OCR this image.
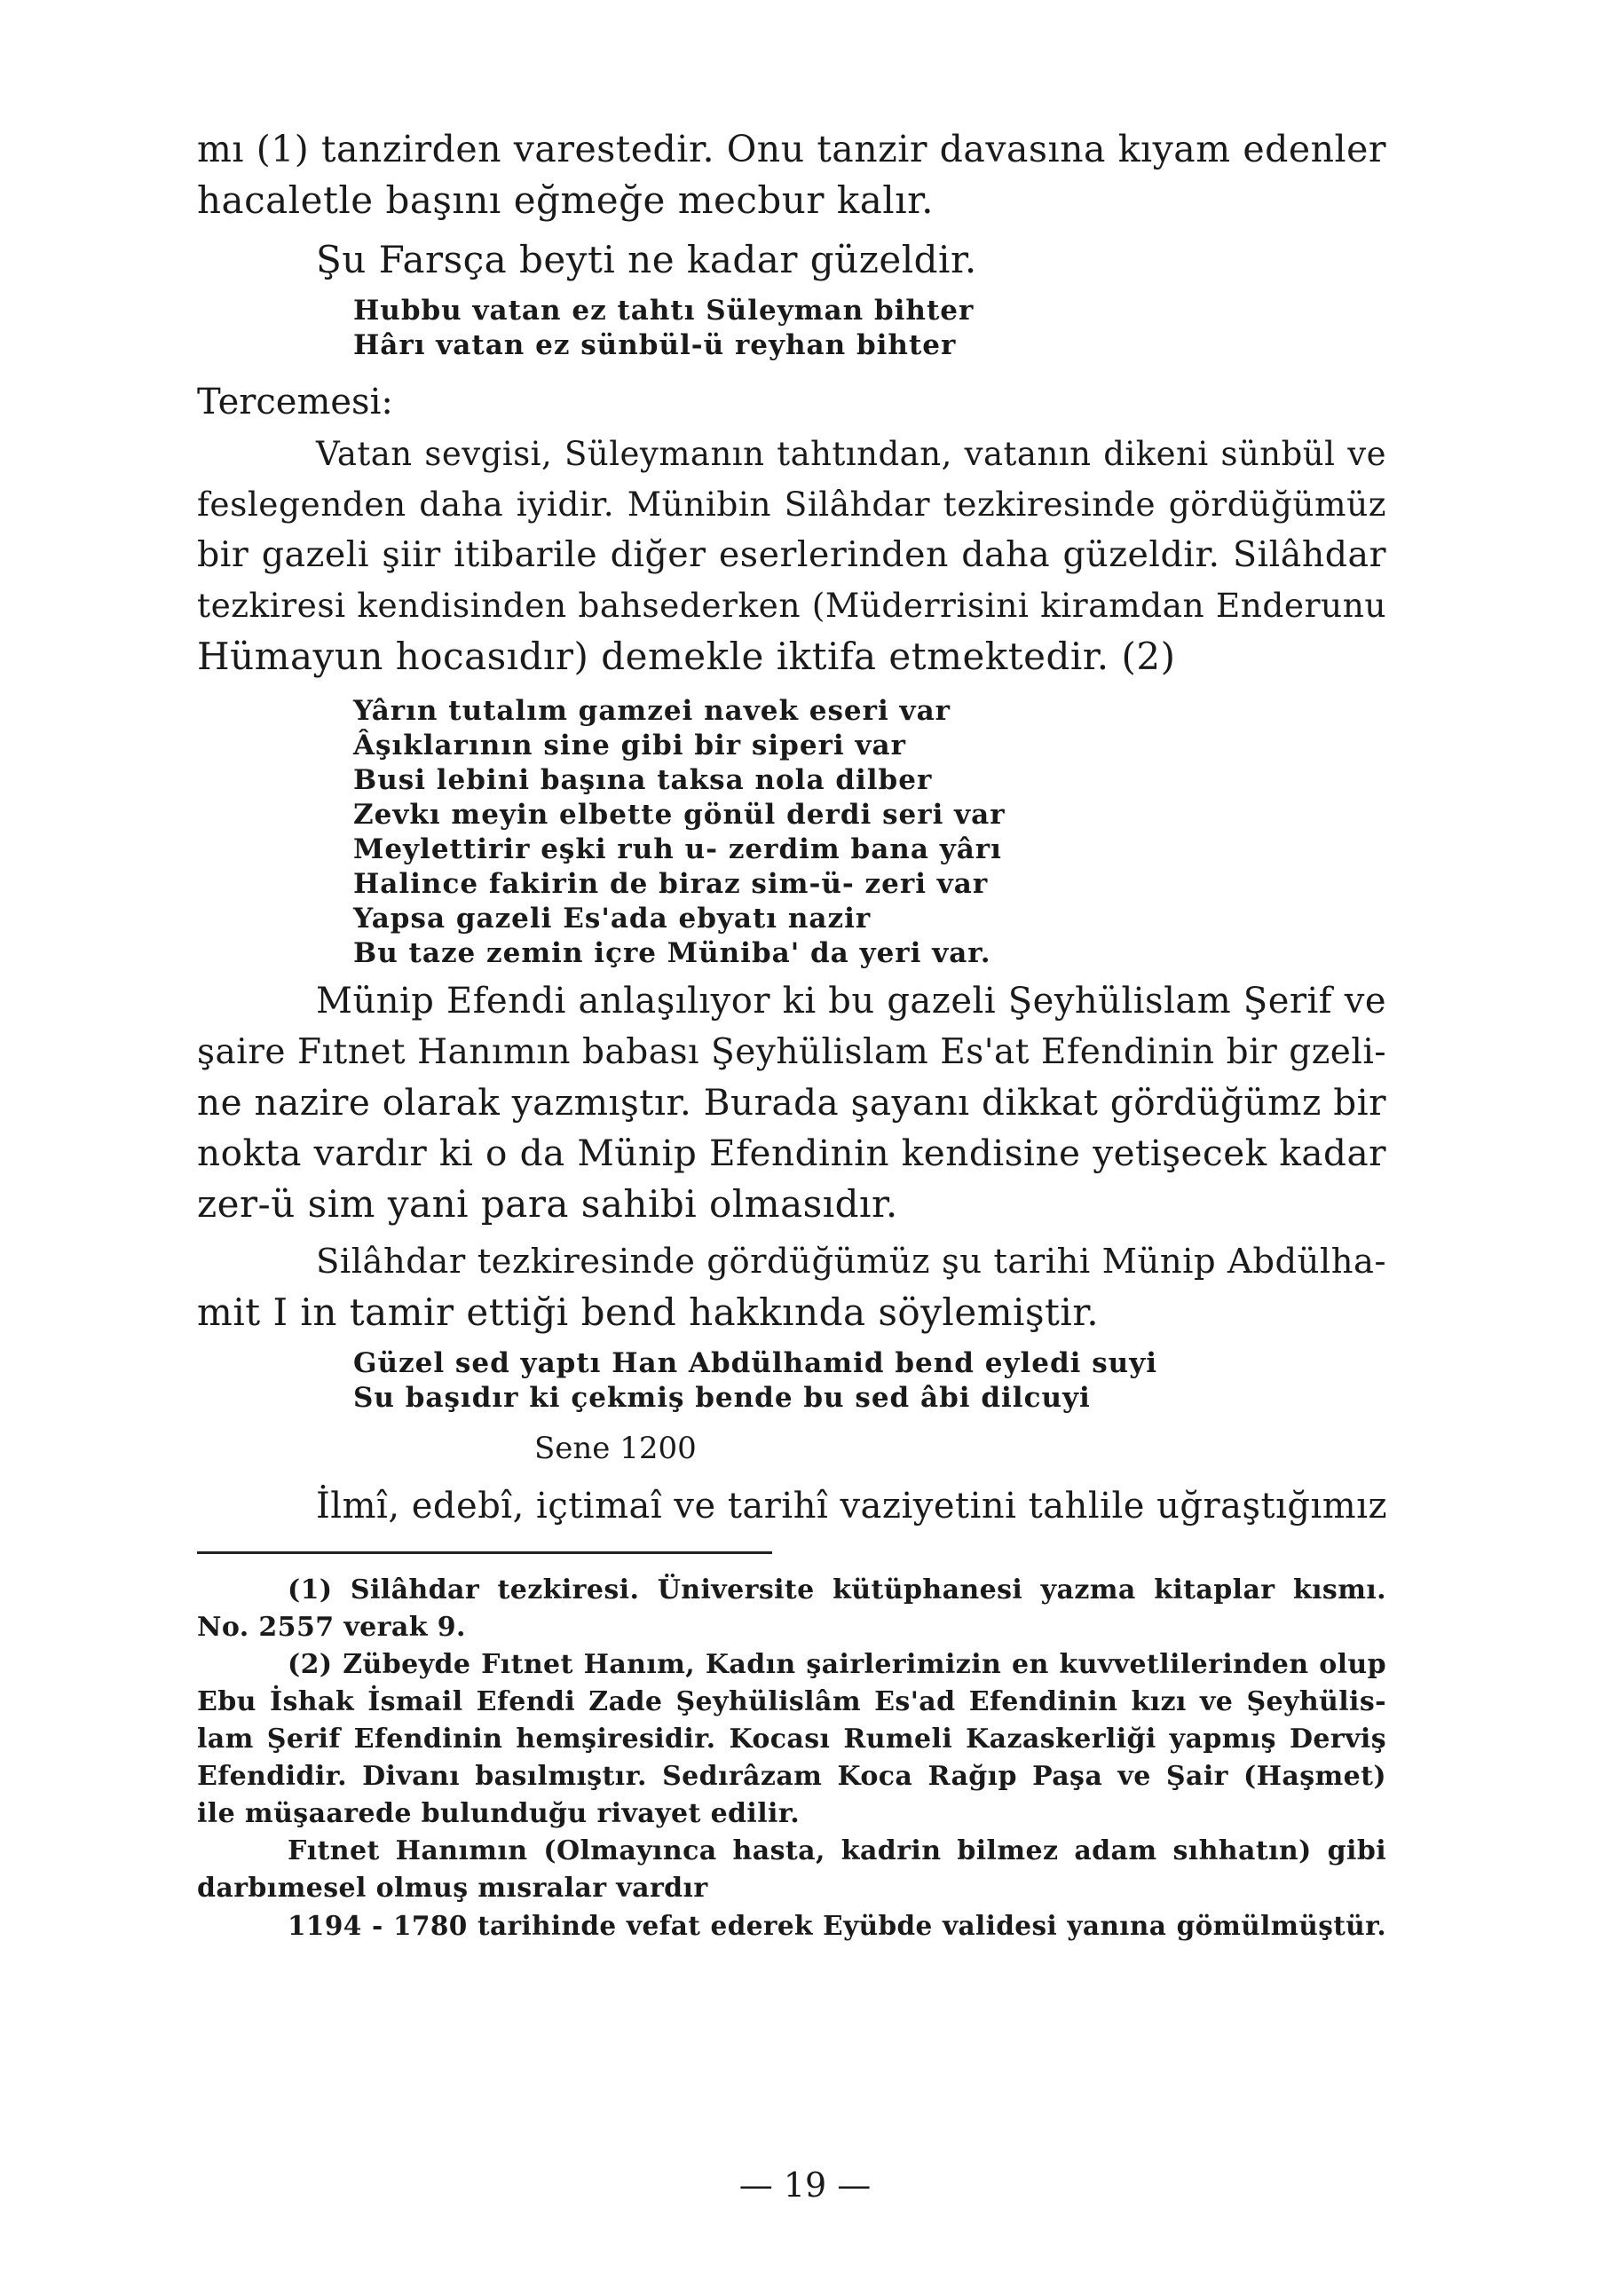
mı (1) tanzirden varestedir. Onu tanzir davasına kıyam edenler
hacaletle başını eğmeğe mecbur kalır.
Şu Farsça beyti ne kadar güzeldir.
Hubbu vatan ez tahtı Süleyman bihter
Hârı vatan ez sünbül-ü reyhan bihter
Tercemesi:
Vatan sevgisi, Süleymanın tahtından, vatanın dikeni sünbül ve
feslegenden daha iyidir. Münibin Silâhdar tezkiresinde gördüğümüz
bir gazeli şiir itibarile diğer eserlerinden daha güzeldir. Silâhdar
tezkiresi kendisinden bahsederken (Müderrisini kiramdan Enderunu
Hümayun hocasıdır) demekle iktifa etmektedir. (2)
Yârın tutalım gamzei navek eseri var
Âşıklarının sine gibi bir siperi var
Busi lebini başına taksa nola dilber
Zevkı meyin elbette gönül derdi seri var
Meylettirir eşki ruh u- zerdim bana yârı
Halince fakirin de biraz sim-ü- zeri var
Yapsa gazeli Es'ada ebyatı nazir
Bu taze zemin içre Müniba' da yeri var.
Münip Efendi anlaşılıyor ki bu gazeli Şeyhülislam Şerif ve
şaire Fıtnet Hanımın babası Şeyhülislam Es'at Efendinin bir gzeli-
ne nazire olarak yazmıştır. Burada şayanı dikkat gördüğümz bir
nokta vardır ki o da Münip Efendinin kendisine yetişecek kadar
zer-ü sim yani para sahibi olmasıdır.
Silâhdar tezkiresinde gördüğümüz şu tarihi Münip Abdülha-
mit I in tamir ettiği bend hakkında söylemiştir.
Güzel sed yaptı Han Abdülhamid bend eyledi suyi
Su başıdır ki çekmiş bende bu sed âbi dilcuyi
Sene 1200
İlmî, edebî, içtimaî ve tarihî vaziyetini tahlile uğraştığımız
(1) Silâhdar tezkiresi. Üniversite kütüphanesi yazma kitaplar kısmı.
No. 2557 verak 9.
(2) Zübeyde Fıtnet Hanım, Kadın şairlerimizin en kuvvetlilerinden olup
Ebu İshak İsmail Efendi Zade Şeyhülislâm Es'ad Efendinin kızı ve Şeyhülis-
lam Şerif Efendinin hemşiresidir. Kocası Rumeli Kazaskerliği yapmış Derviş
Efendidir. Divanı basılmıştır. Sedırâzam Koca Rağıp Paşa ve Şair (Haşmet)
ile müşaarede bulunduğu rivayet edilir.
Fıtnet Hanımın (Olmayınca hasta, kadrin bilmez adam sıhhatın) gibi
darbımesel olmuş mısralar vardır
1194 - 1780 tarihinde vefat ederek Eyübde validesi yanına gömülmüştür.
— 19 —
